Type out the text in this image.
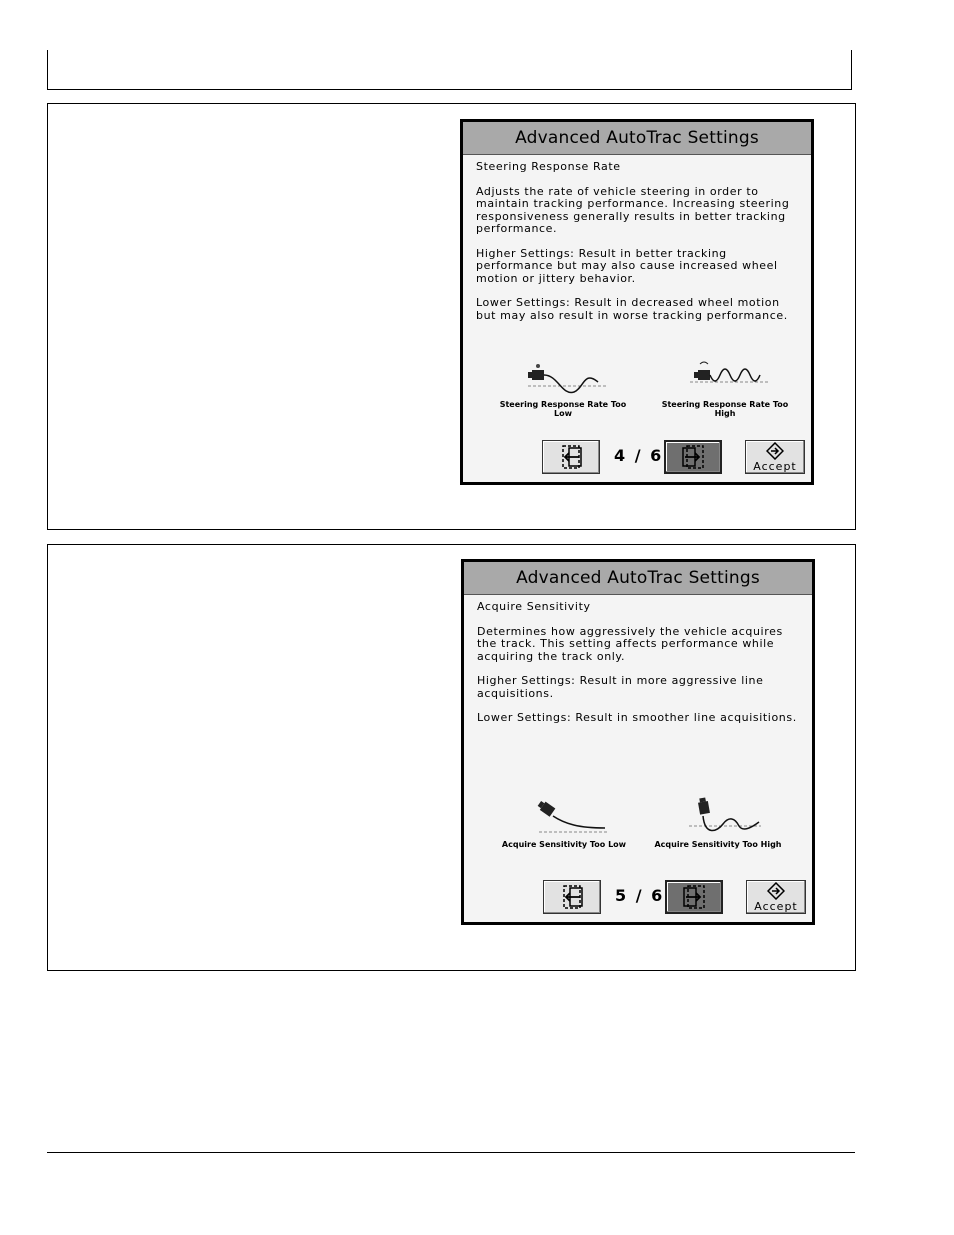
Advanced AutoTrac Settings

Steering Response Rate

Adjusts the rate of vehicle steering in order to maintain tracking performance. Increasing steering responsiveness generally results in better tracking performance.

Higher Settings: Result in better tracking performance but may also cause increased wheel motion or jittery behavior.

Lower Settings: Result in decreased wheel motion but may also result in worse tracking performance.

Steering Response Rate Too Low
Steering Response Rate Too High
4 / 6
Accept
Advanced AutoTrac Settings

Acquire Sensitivity

Determines how aggressively the vehicle acquires the track. This setting affects performance while acquiring the track only.

Higher Settings: Result in more aggressive line acquisitions.

Lower Settings: Result in smoother line acquisitions.

Acquire Sensitivity Too Low	Acquire Sensitivity Too High
5 / 6
Accept
